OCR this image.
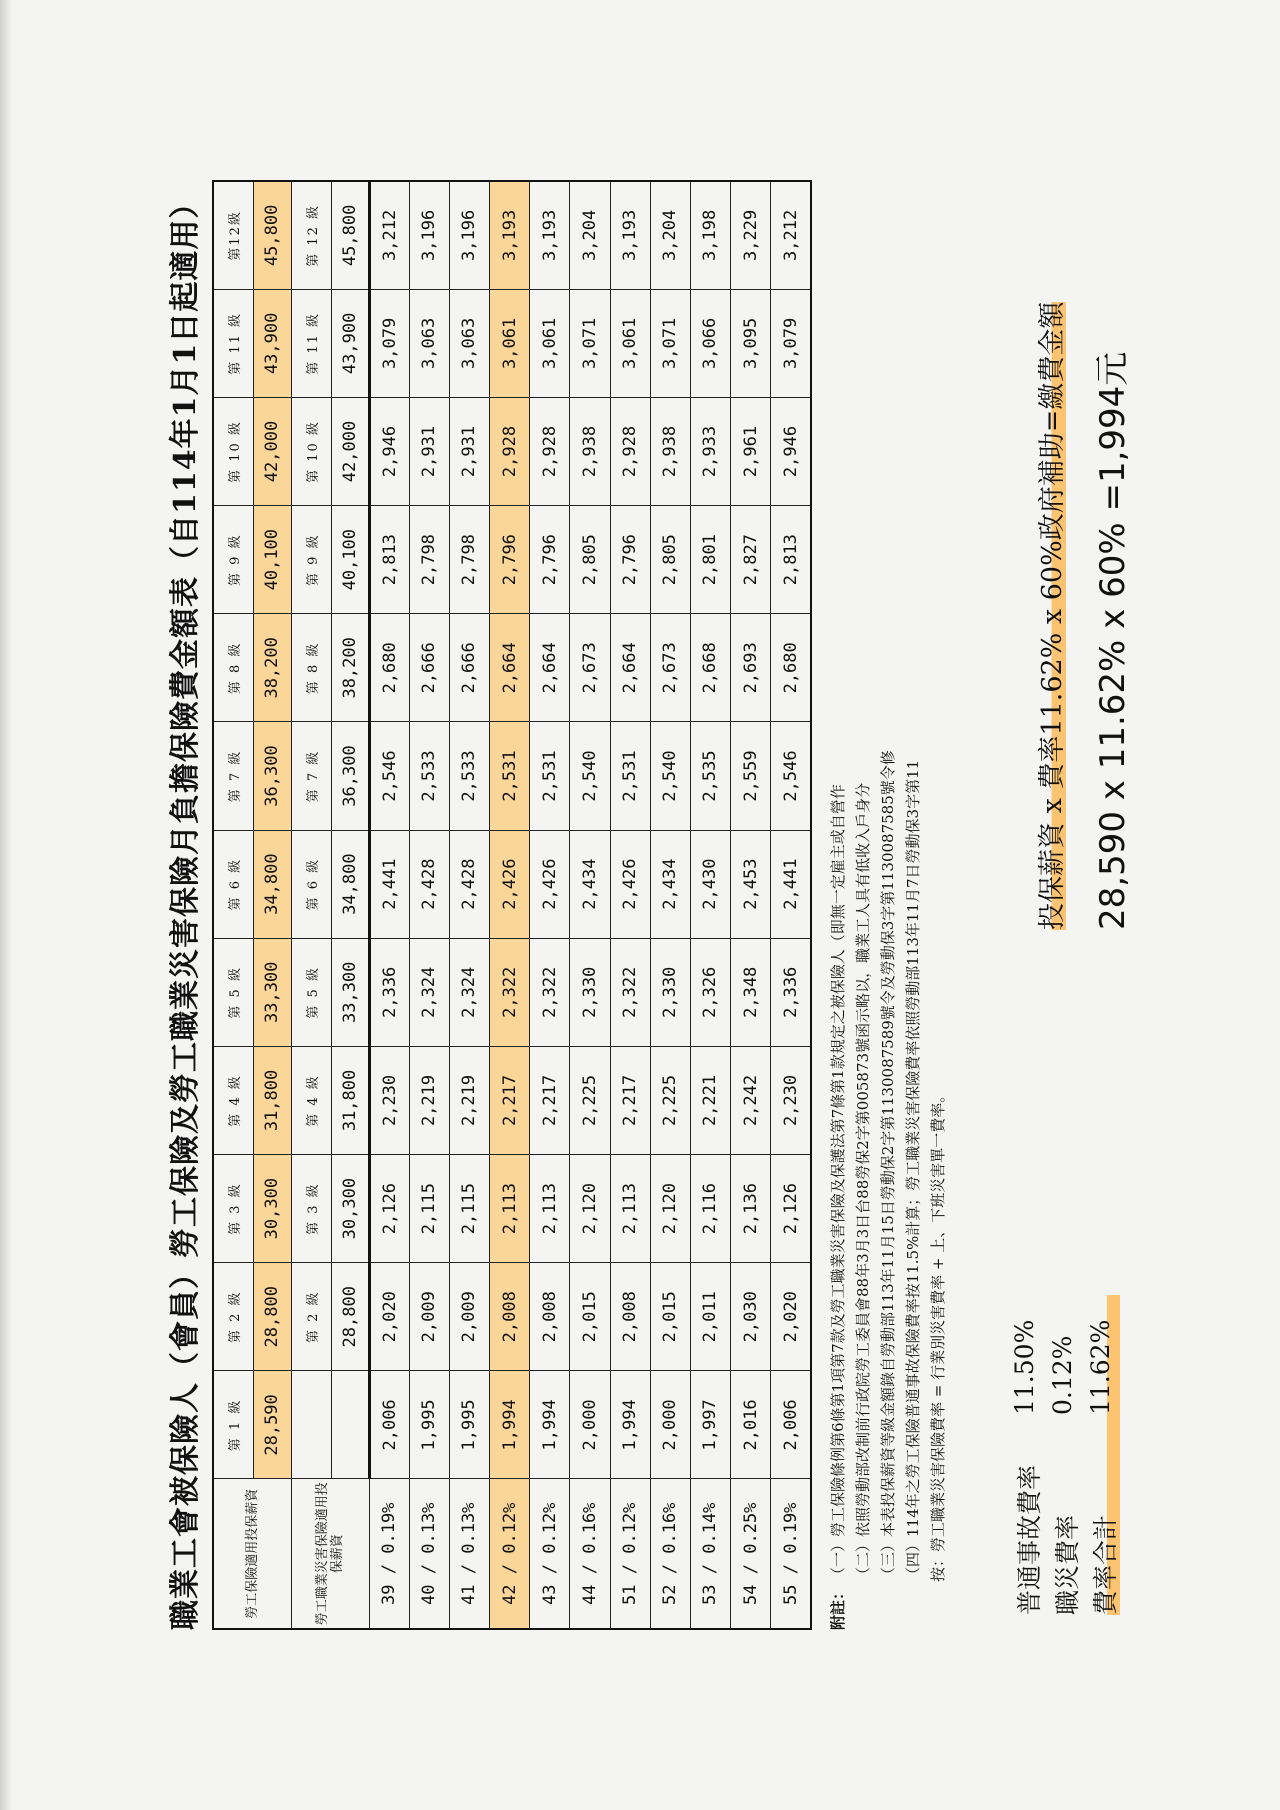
職業工會被保險人（會員）勞工保險及勞工職業災害保險月負擔保險費金額表（自114年1月1日起適用）	勞工保險適用投保薪資	第 1 級	第 2 級	第 3 級	第 4 級	第 5 級	第 6 級	第 7 級	第 8 級	第 9 級	第 10 級	第 11 級	第12級
	28,590	28,800	30,300	31,800	33,300	34,800	36,300	38,200	40,100	42,000	43,900	45,800
勞工職業災害保險適用投保薪資		第 2 級	第 3 級	第 4 級	第 5 級	第 6 級	第 7 級	第 8 級	第 9 級	第 10 級	第 11 級	第 12 級
		28,800	30,300	31,800	33,300	34,800	36,300	38,200	40,100	42,000	43,900	45,800
39 / 0.19%	2,006	2,020	2,126	2,230	2,336	2,441	2,546	2,680	2,813	2,946	3,079	3,212
40 / 0.13%	1,995	2,009	2,115	2,219	2,324	2,428	2,533	2,666	2,798	2,931	3,063	3,196
41 / 0.13%	1,995	2,009	2,115	2,219	2,324	2,428	2,533	2,666	2,798	2,931	3,063	3,196
42 / 0.12%	1,994	2,008	2,113	2,217	2,322	2,426	2,531	2,664	2,796	2,928	3,061	3,193
43 / 0.12%	1,994	2,008	2,113	2,217	2,322	2,426	2,531	2,664	2,796	2,928	3,061	3,193
44 / 0.16%	2,000	2,015	2,120	2,225	2,330	2,434	2,540	2,673	2,805	2,938	3,071	3,204
51 / 0.12%	1,994	2,008	2,113	2,217	2,322	2,426	2,531	2,664	2,796	2,928	3,061	3,193
52 / 0.16%	2,000	2,015	2,120	2,225	2,330	2,434	2,540	2,673	2,805	2,938	3,071	3,204
53 / 0.14%	1,997	2,011	2,116	2,221	2,326	2,430	2,535	2,668	2,801	2,933	3,066	3,198
54 / 0.25%	2,016	2,030	2,136	2,242	2,348	2,453	2,559	2,693	2,827	2,961	3,095	3,229
55 / 0.19%	2,006	2,020	2,126	2,230	2,336	2,441	2,546	2,680	2,813	2,946	3,079	3,212
附註：（一）勞工保險條例第6條第1項第7款及勞工職業災害保險及保護法第7條第1款規定之被保險人（即無一定雇主或自營作 （二）依照勞動部改制前行政院勞工委員會88年3月3日台88勞保2字第005873號函示略以，職業工人具有低收入戶身分 （三）本表投保薪資等級金額錄自勞動部113年11月15日勞動保2字第1130087589號令及勞動保3字第1130087585號令修 （四）114年之勞工保險普通事故保險費率按11.5%計算；勞工職業災害保險費率依照勞動部113年11月7日勞動保3字第11 按：勞工職業災害保險費率 = 行業別災害費率 + 上、下班災害單一費率。	普通事故費率
11.50%
職災費率
0.12%
費率合計
11.62%
投保薪資 x 費率11.62% x 60%政府補助=繳費金額 28,590 x 11.62% x 60% =1,994元
